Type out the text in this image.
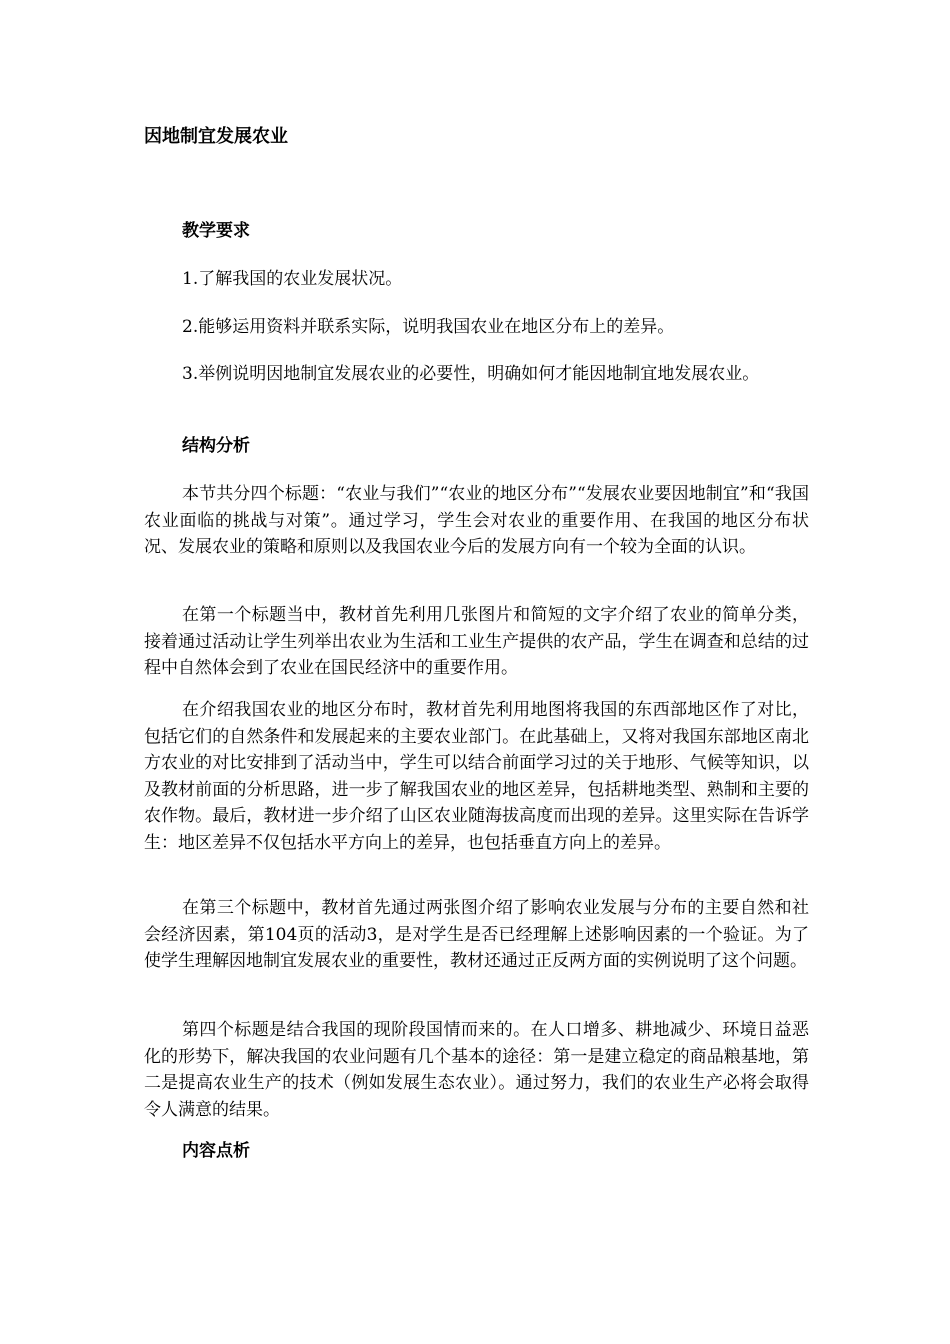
因地制宜发展农业
教学要求

1.了解我国的农业发展状况。

2.能够运用资料并联系实际，说明我国农业在地区分布上的差异。

3.举例说明因地制宜发展农业的必要性，明确如何才能因地制宜地发展农业。

结构分析

本节共分四个标题：“农业与我们”“农业的地区分布”“发展农业要因地制宜”和“我国农业面临的挑战与对策”。通过学习，学生会对农业的重要作用、在我国的地区分布状况、发展农业的策略和原则以及我国农业今后的发展方向有一个较为全面的认识。

在第一个标题当中，教材首先利用几张图片和简短的文字介绍了农业的简单分类，接着通过活动让学生列举出农业为生活和工业生产提供的农产品，学生在调查和总结的过程中自然体会到了农业在国民经济中的重要作用。

在介绍我国农业的地区分布时，教材首先利用地图将我国的东西部地区作了对比，包括它们的自然条件和发展起来的主要农业部门。在此基础上，又将对我国东部地区南北方农业的对比安排到了活动当中，学生可以结合前面学习过的关于地形、气候等知识，以及教材前面的分析思路，进一步了解我国农业的地区差异，包括耕地类型、熟制和主要的农作物。最后，教材进一步介绍了山区农业随海拔高度而出现的差异。这里实际在告诉学生：地区差异不仅包括水平方向上的差异，也包括垂直方向上的差异。

在第三个标题中，教材首先通过两张图介绍了影响农业发展与分布的主要自然和社会经济因素，第104页的活动3，是对学生是否已经理解上述影响因素的一个验证。为了使学生理解因地制宜发展农业的重要性，教材还通过正反两方面的实例说明了这个问题。

第四个标题是结合我国的现阶段国情而来的。在人口增多、耕地减少、环境日益恶化的形势下，解决我国的农业问题有几个基本的途径：第一是建立稳定的商品粮基地，第二是提高农业生产的技术（例如发展生态农业）。通过努力，我们的农业生产必将会取得令人满意的结果。

内容点析
